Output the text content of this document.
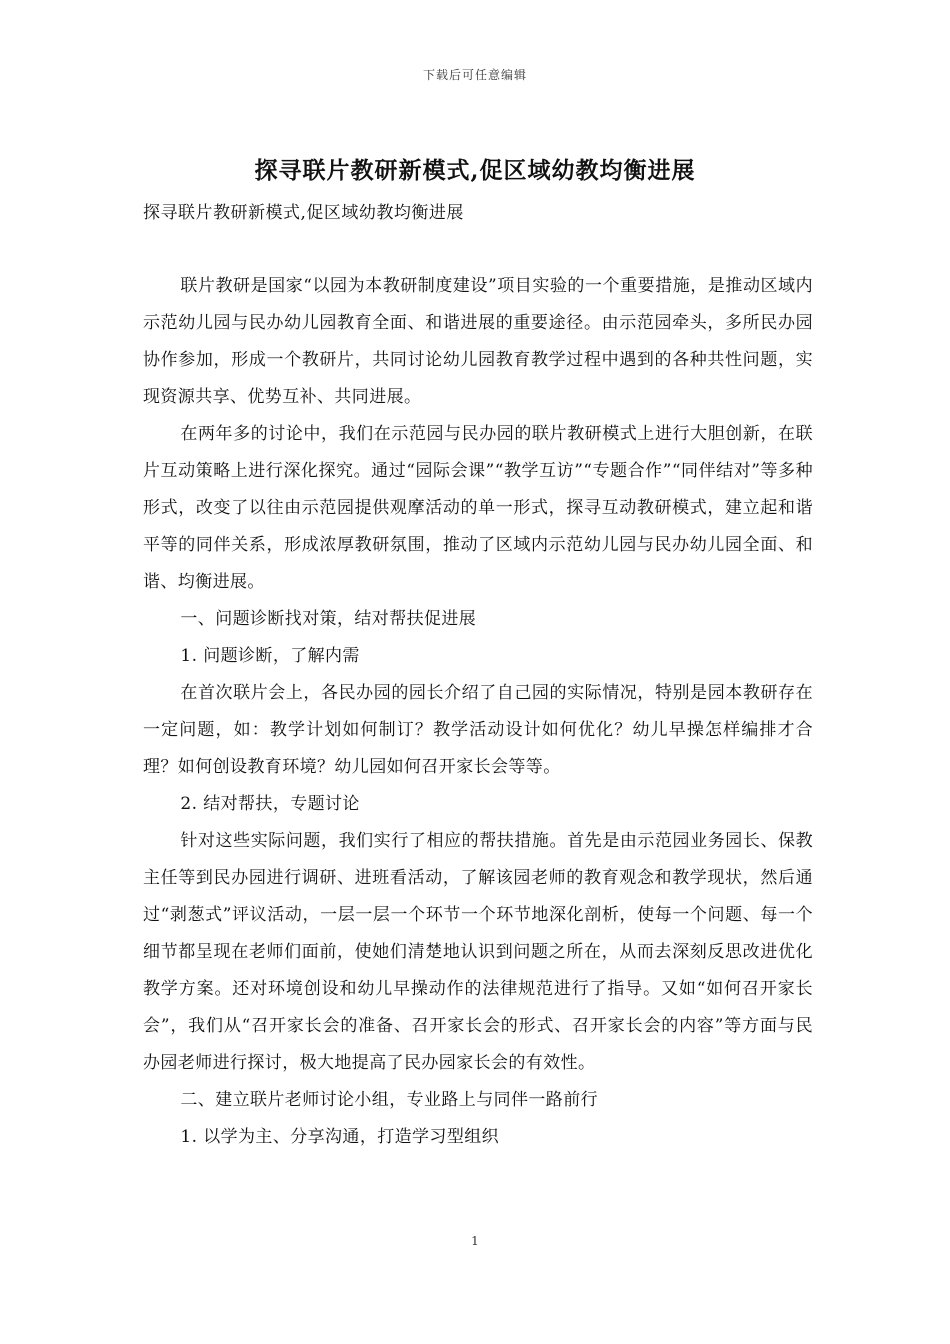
下载后可任意编辑
探寻联片教研新模式,促区域幼教均衡进展
探寻联片教研新模式,促区域幼教均衡进展

联片教研是国家“以园为本教研制度建设”项目实验的一个重要措施，是推动区域内示范幼儿园与民办幼儿园教育全面、和谐进展的重要途径。由示范园牵头，多所民办园协作参加，形成一个教研片，共同讨论幼儿园教育教学过程中遇到的各种共性问题，实现资源共享、优势互补、共同进展。

在两年多的讨论中，我们在示范园与民办园的联片教研模式上进行大胆创新，在联片互动策略上进行深化探究。通过“园际会课”“教学互访”“专题合作”“同伴结对”等多种形式，改变了以往由示范园提供观摩活动的单一形式，探寻互动教研模式，建立起和谐平等的同伴关系，形成浓厚教研氛围，推动了区域内示范幼儿园与民办幼儿园全面、和谐、均衡进展。

一、问题诊断找对策，结对帮扶促进展

1. 问题诊断，了解内需

在首次联片会上，各民办园的园长介绍了自己园的实际情况，特别是园本教研存在一定问题，如：教学计划如何制订？教学活动设计如何优化？幼儿早操怎样编排才合理？如何创设教育环境？幼儿园如何召开家长会等等。

2. 结对帮扶，专题讨论

针对这些实际问题，我们实行了相应的帮扶措施。首先是由示范园业务园长、保教主任等到民办园进行调研、进班看活动，了解该园老师的教育观念和教学现状，然后通过“剥葱式”评议活动，一层一层一个环节一个环节地深化剖析，使每一个问题、每一个细节都呈现在老师们面前，使她们清楚地认识到问题之所在，从而去深刻反思改进优化教学方案。还对环境创设和幼儿早操动作的法律规范进行了指导。又如“如何召开家长会”，我们从“召开家长会的准备、召开家长会的形式、召开家长会的内容”等方面与民办园老师进行探讨，极大地提高了民办园家长会的有效性。

二、建立联片老师讨论小组，专业路上与同伴一路前行

1. 以学为主、分享沟通，打造学习型组织

1
